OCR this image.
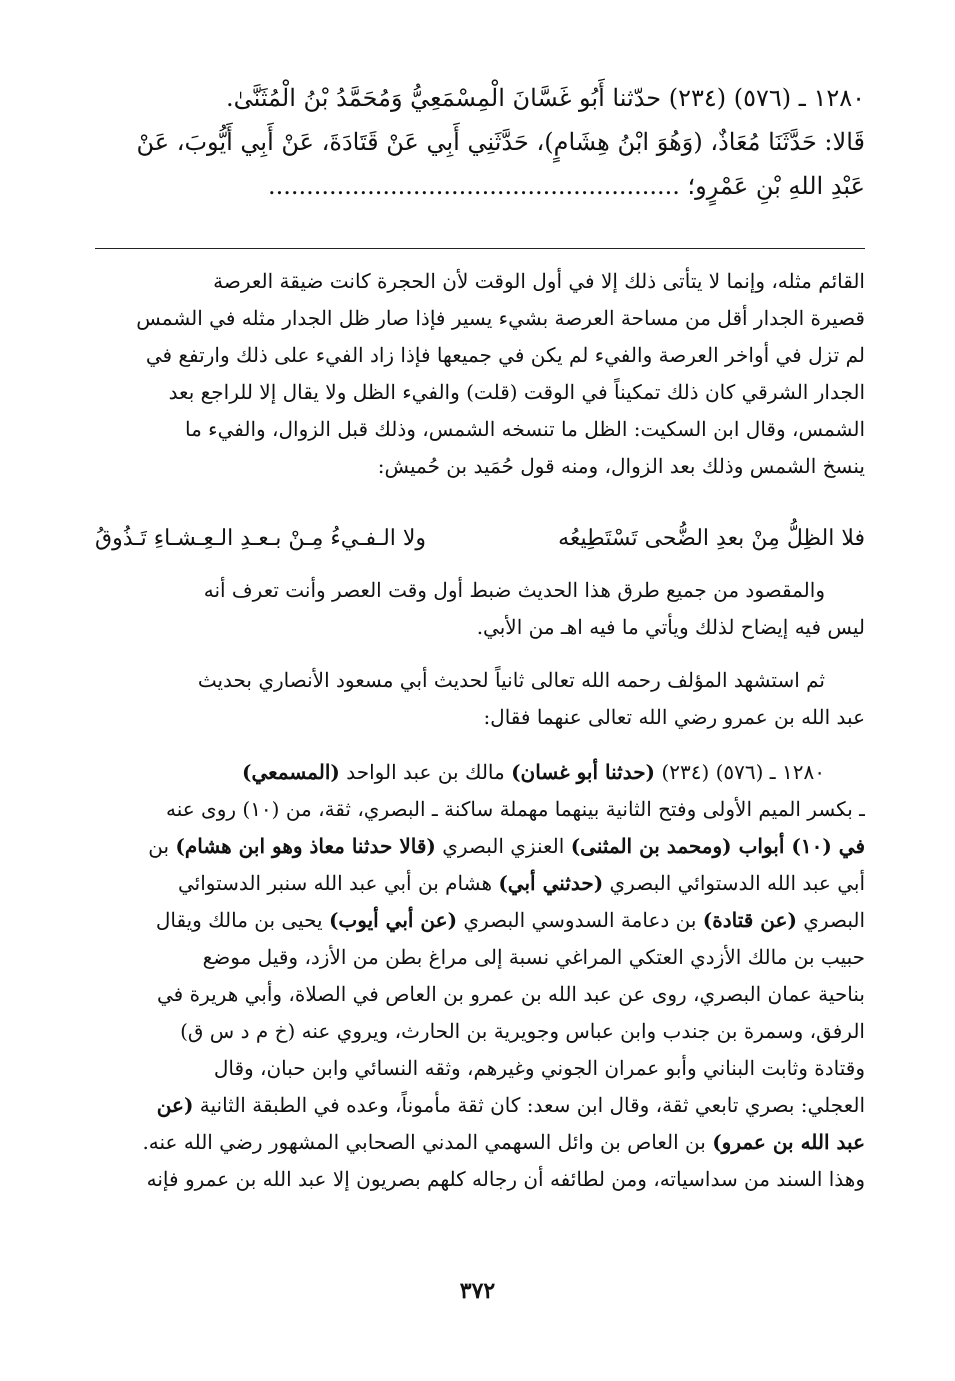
١٢٨٠ ـ (٥٧٦) (٢٣٤) حدّثنا أَبُو غَسَّانَ الْمِسْمَعِيُّ وَمُحَمَّدُ بْنُ الْمُثَنَّىٰ.
قَالا: حَدَّثَنَا مُعَاذٌ، (وَهُوَ ابْنُ هِشَامٍ)، حَدَّثَنِي أَبِي عَنْ قَتَادَةَ، عَنْ أَبِي أَيُّوبَ، عَنْ
عَبْدِ اللهِ بْنِ عَمْرٍو؛ ......................................................
القائم مثله، وإنما لا يتأتى ذلك إلا في أول الوقت لأن الحجرة كانت ضيقة العرصة
قصيرة الجدار أقل من مساحة العرصة بشيء يسير فإذا صار ظل الجدار مثله في الشمس
لم تزل في أواخر العرصة والفيء لم يكن في جميعها فإذا زاد الفيء على ذلك وارتفع في
الجدار الشرقي كان ذلك تمكيناً في الوقت (قلت) والفيء الظل ولا يقال إلا للراجع بعد
الشمس، وقال ابن السكيت: الظل ما تنسخه الشمس، وذلك قبل الزوال، والفيء ما
ينسخ الشمس وذلك بعد الزوال، ومنه قول حُمَيد بن حُميش:
فلا الظِلُّ مِنْ بعدِ الضُّحى تَسْتَطِيعُه
ولا الـفـيءُ مِـنْ بـعـدِ الـعِـشـاءِ تَـذُوقُ
والمقصود من جميع طرق هذا الحديث ضبط أول وقت العصر وأنت تعرف أنه
ليس فيه إيضاح لذلك ويأتي ما فيه اهـ من الأبي.
ثم استشهد المؤلف رحمه الله تعالى ثانياً لحديث أبي مسعود الأنصاري بحديث
عبد الله بن عمرو رضي الله تعالى عنهما فقال:
١٢٨٠ ـ (٥٧٦) (٢٣٤) (حدثنا أبو غسان) مالك بن عبد الواحد (المسمعي)
ـ بكسر الميم الأولى وفتح الثانية بينهما مهملة ساكنة ـ البصري، ثقة، من (١٠) روى عنه
في (١٠) أبواب (ومحمد بن المثنى) العنزي البصري (قالا حدثنا معاذ وهو ابن هشام) بن
أبي عبد الله الدستوائي البصري (حدثني أبي) هشام بن أبي عبد الله سنبر الدستوائي
البصري (عن قتادة) بن دعامة السدوسي البصري (عن أبي أيوب) يحيى بن مالك ويقال
حبيب بن مالك الأزدي العتكي المراغي نسبة إلى مراغ بطن من الأزد، وقيل موضع
بناحية عمان البصري، روى عن عبد الله بن عمرو بن العاص في الصلاة، وأبي هريرة في
الرفق، وسمرة بن جندب وابن عباس وجويرية بن الحارث، ويروي عنه (خ م د س ق)
وقتادة وثابت البناني وأبو عمران الجوني وغيرهم، وثقه النسائي وابن حبان، وقال
العجلي: بصري تابعي ثقة، وقال ابن سعد: كان ثقة مأموناً، وعده في الطبقة الثانية (عن
عبد الله بن عمرو) بن العاص بن وائل السهمي المدني الصحابي المشهور رضي الله عنه.
وهذا السند من سداسياته، ومن لطائفه أن رجاله كلهم بصريون إلا عبد الله بن عمرو فإنه
٣٧٢
